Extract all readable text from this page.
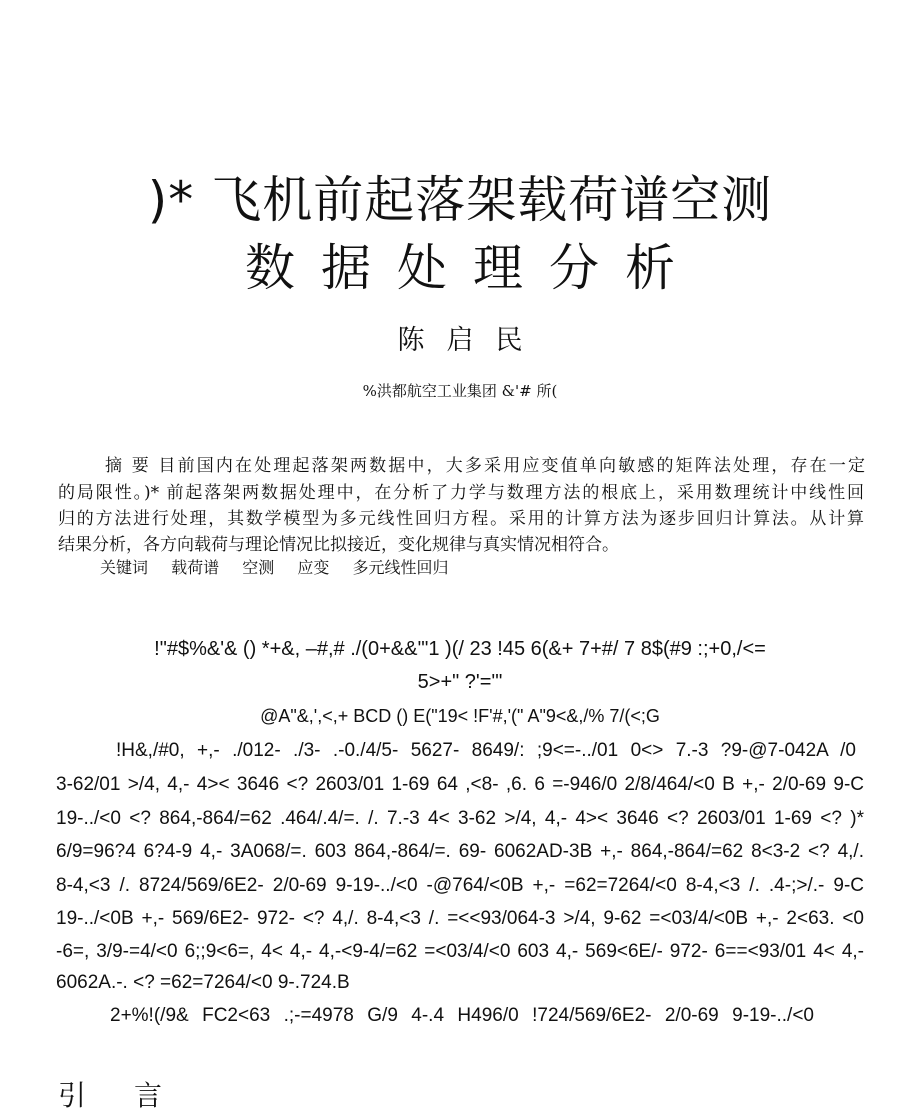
)* 飞机前起落架载荷谱空测
数据处理分析
陈启民
%洪都航空工业集团 &'# 所(
摘 要 目前国内在处理起落架两数据中，大多采用应变值单向敏感的矩阵法处理，存在一定
的局限性。)* 前起落架两数据处理中，在分析了力学与数理方法的根底上，采用数理统计中线性回
归的方法进行处理，其数学模型为多元线性回归方程。采用的计算方法为逐步回归计算法。从计算
结果分析，各方向载荷与理论情况比拟接近，变化规律与真实情况相符合。
关键词 载荷谱 空测 应变 多元线性回归
!"#$%&'& () *+&, –#,# ./(0+&&'"1 )(/ 23 !45 6(&+ 7+#/ 7 8$(#9 :;+0,/<=
5>+" ?'='"
@A"&,',<,+ BCD () E("19< !F'#,'(" A"9<&,/% 7/(<;G
!H&,/#0, +,- ./012- ./3- .-0./4/5- 5627- 8649/: ;9<=-../01 0<> 7.-3 ?9-@7-042A /0
3-62/01 >/4, 4,- 4>< 3646 <? 2603/01 1-69 64 ,<8- ,6. 6 =-946/0 2/8/464/<0 B +,- 2/0-69 9-C
19-../<0 <? 864,-864/=62 .464/.4/=. /. 7.-3 4< 3-62 >/4, 4,- 4>< 3646 <? 2603/01 1-69 <? )*
6/9=96?4 6?4-9 4,- 3A068/=. 603 864,-864/=. 69- 6062AD-3B +,- 864,-864/=62 8<3-2 <? 4,/.
8-4,<3 /. 8724/569/6E2- 2/0-69 9-19-../<0 -@764/<0B +,- =62=7264/<0 8-4,<3 /. .4-;>/.- 9-C
19-../<0B +,- 569/6E2- 972- <? 4,/. 8-4,<3 /. =<<93/064-3 >/4, 9-62 =<03/4/<0B +,- 2<63. <0
-6=, 3/9-=4/<0 6;;9<6=, 4< 4,- 4,-<9-4/=62 =<03/4/<0 603 4,- 569<6E/- 972- 6==<93/01 4< 4,-
6062A.-. <? =62=7264/<0 9-.724.B
2+%!(/9& FC2<63 .;-=4978 G/9 4-.4 H496/0 !724/569/6E2- 2/0-69 9-19-../<0
引言
